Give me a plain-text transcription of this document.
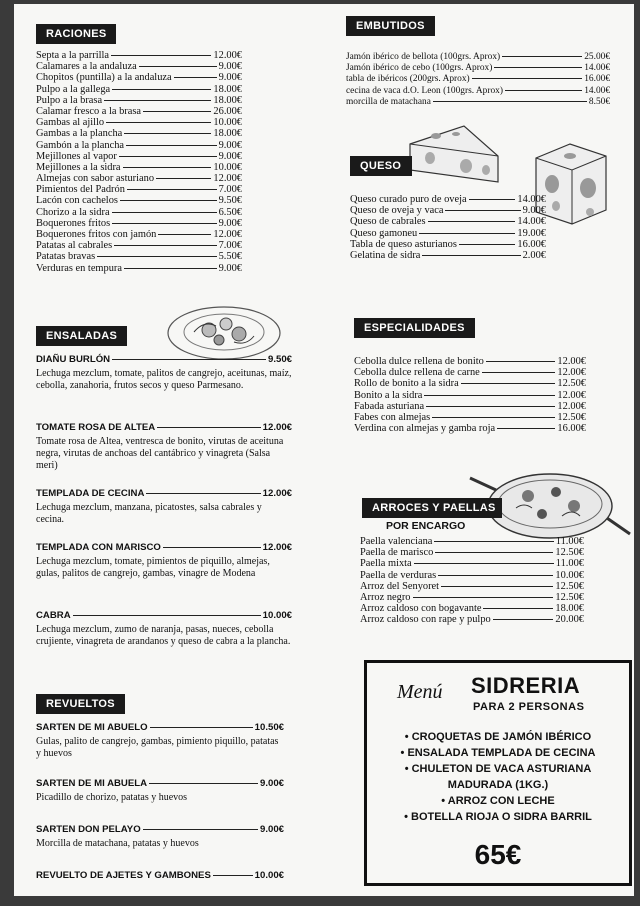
RACIONES
Septa a la parrilla	12.00€
Calamares a la andaluza	9.00€
Chopitos (puntilla) a la andaluza	9.00€
Pulpo a la gallega	18.00€
Pulpo a la brasa	18.00€
Calamar fresco a la brasa	26.00€
Gambas al ajillo	10.00€
Gambas a la plancha	18.00€
Gambón a la plancha	9.00€
Mejillones al vapor	9.00€
Mejillones a la sidra	10.00€
Almejas con sabor asturiano	12.00€
Pimientos del Padrón	7.00€
Lacón con cachelos	9.50€
Chorizo a la sidra	6.50€
Boquerones fritos	9.00€
Boquerones fritos con jamón	12.00€
Patatas al cabrales	7.00€
Patatas bravas	5.50€
Verduras en tempura	9.00€
ENSALADAS
DIAÑU BURLÓN	9.50€
Lechuga mezclum, tomate, palitos de cangrejo, aceitunas, maíz, cebolla, zanahoria, frutos secos y queso Parmesano.
TOMATE ROSA DE ALTEA	12.00€
Tomate rosa de Altea, ventresca de bonito, virutas de aceituna negra, virutas de anchoas del cantábrico y vinagreta (Salsa meri)
TEMPLADA DE CECINA	12.00€
Lechuga mezclum, manzana, picatostes, salsa cabrales y cecina.
TEMPLADA CON MARISCO	12.00€
Lechuga mezclum, tomate, pimientos de piquillo, almejas, gulas, palitos de cangrejo, gambas, vinagre de Modena
CABRA	10.00€
Lechuga mezclum, zumo de naranja, pasas, nueces, cebolla crujiente, vinagreta de arandanos y queso de cabra a la plancha.
REVUELTOS
SARTEN DE MI ABUELO	10.50€
Gulas, palito de cangrejo, gambas, pimiento piquillo, patatas y huevos
SARTEN DE MI ABUELA	9.00€
Picadillo de chorizo, patatas y huevos
SARTEN DON PELAYO	9.00€
Morcilla de matachana, patatas y huevos
REVUELTO DE AJETES Y GAMBONES	10.00€
EMBUTIDOS
Jamón ibérico de bellota (100grs. Aprox)	25.00€
Jamón ibérico de cebo (100grs. Aprox)	14.00€
tabla de ibéricos (200grs. Aprox)	16.00€
cecina de vaca d.O. Leon (100grs. Aprox)	14.00€
morcilla de matachana	8.50€
QUESO
Queso curado puro de oveja	14.00€
Queso de oveja y vaca	9.00€
Queso de cabrales	14.00€
Queso gamoneu	19.00€
Tabla de queso asturianos	16.00€
Gelatina de sidra	2.00€
ESPECIALIDADES
Cebolla dulce rellena de bonito	12.00€
Cebolla dulce rellena de carne	12.00€
Rollo de bonito a la sidra	12.50€
Bonito a la sidra	12.00€
Fabada asturiana	12.00€
Fabes con almejas	12.50€
Verdina con almejas y gamba roja	16.00€
ARROCES Y PAELLAS
POR ENCARGO
Paella valenciana	11.00€
Paella de marisco	12.50€
Paella mixta	11.00€
Paella de verduras	10.00€
Arroz del Senyoret	12.50€
Arroz negro	12.50€
Arroz caldoso con bogavante	18.00€
Arroz caldoso con rape y pulpo	20.00€
Menú SIDRERIA
PARA 2 PERSONAS
• CROQUETAS DE JAMÓN IBÉRICO
• ENSALADA TEMPLADA DE CECINA
• CHULETON DE VACA ASTURIANA
MADURADA (1KG.)
• ARROZ CON LECHE
• BOTELLA RIOJA O SIDRA BARRIL
65€
